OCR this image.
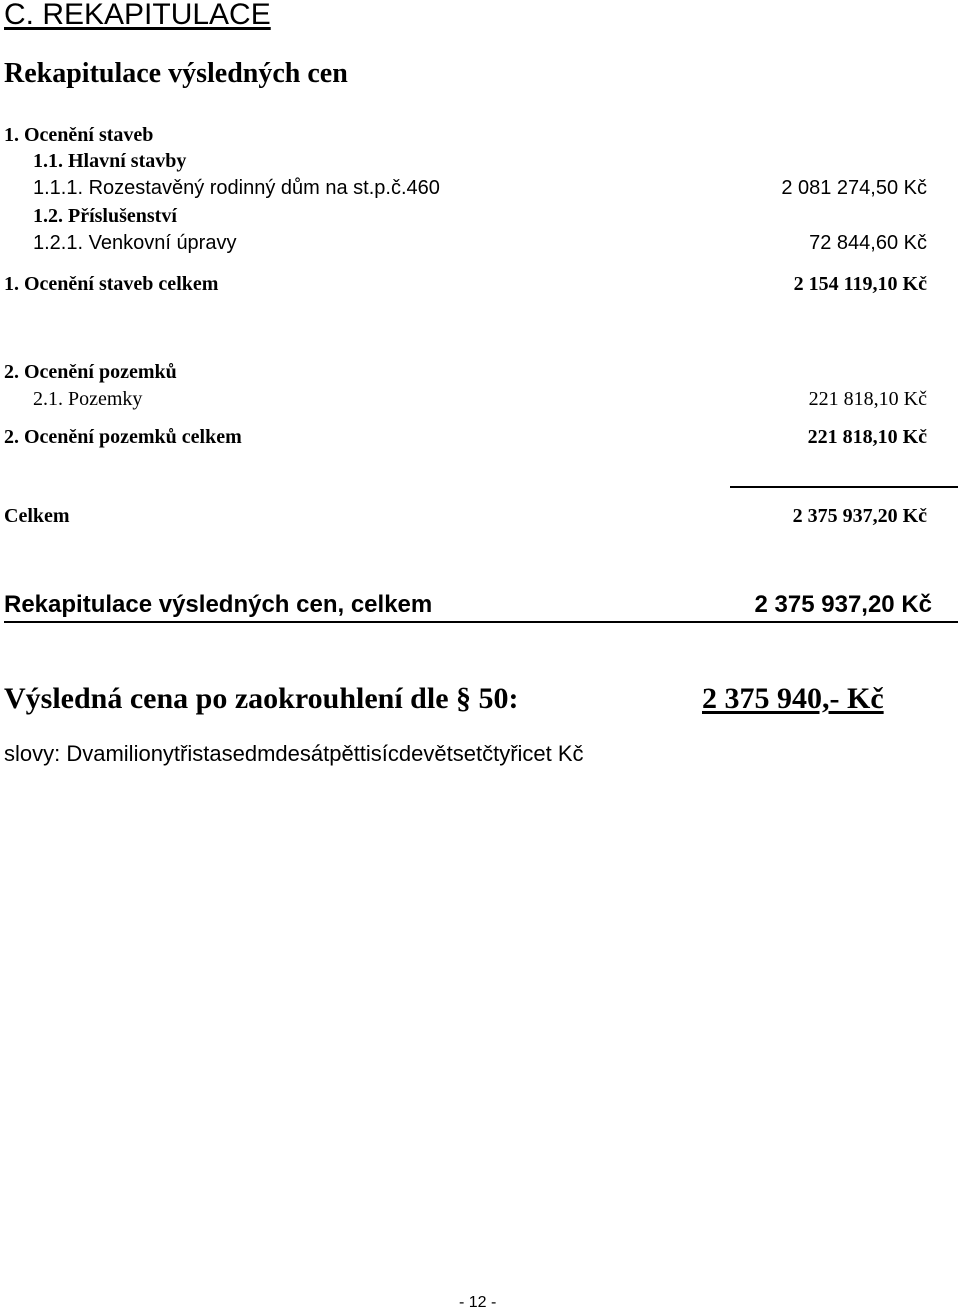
C. REKAPITULACE
Rekapitulace výsledných cen
1. Ocenění staveb
1.1. Hlavní stavby
1.1.1. Rozestavěný rodinný dům na st.p.č.460	2 081 274,50 Kč
1.2. Příslušenství
1.2.1. Venkovní úpravy	72 844,60 Kč
1. Ocenění staveb celkem	2 154 119,10 Kč
2. Ocenění pozemků
2.1. Pozemky	221 818,10 Kč
2. Ocenění pozemků celkem	221 818,10 Kč
Celkem	2 375 937,20 Kč
Rekapitulace výsledných cen, celkem	2 375 937,20 Kč
Výsledná cena po zaokrouhlení dle § 50:	2 375 940,- Kč
slovy: Dvamilionytřistasedmdesátpěttisícdevětsetčtyřicet Kč
- 12 -
